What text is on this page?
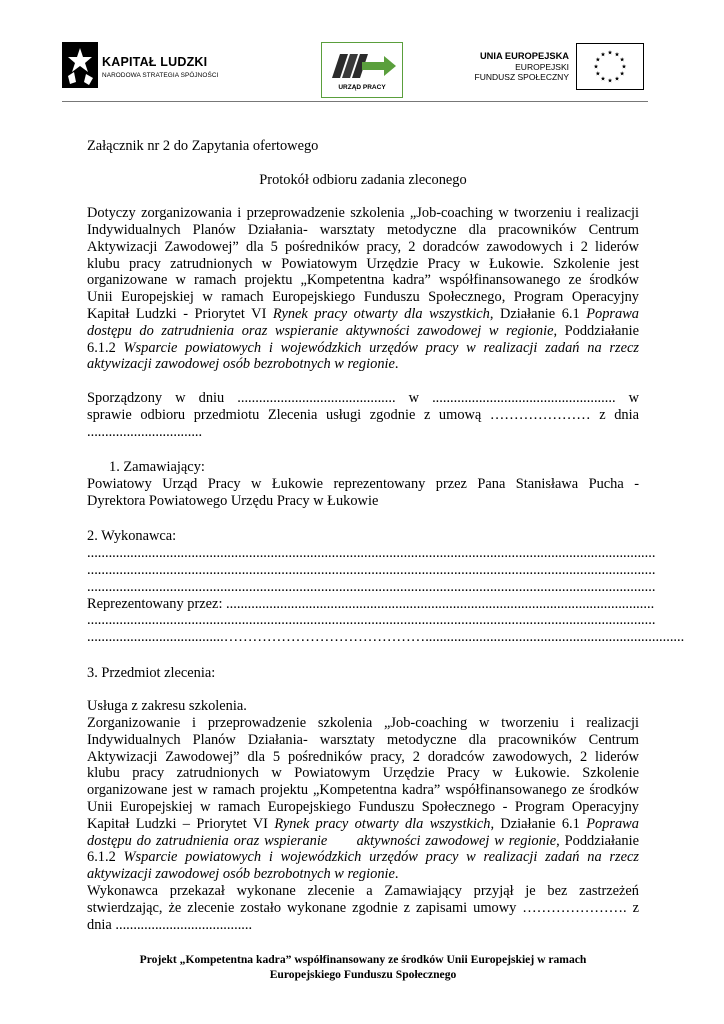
KAPITAŁ LUDZKI
NARODOWA STRATEGIA SPÓJNOŚCI
URZĄD PRACY
UNIA EUROPEJSKA
EUROPEJSKI
FUNDUSZ SPOŁECZNY

Załącznik nr 2 do Zapytania ofertowego

Protokół odbioru zadania zleconego

Dotyczy zorganizowania i przeprowadzenie szkolenia „Job-coaching w tworzeniu i realizacji
Indywidualnych Planów Działania- warsztaty metodyczne dla pracowników Centrum
Aktywizacji Zawodowej” dla 5 pośredników pracy, 2 doradców zawodowych i 2 liderów
klubu pracy zatrudnionych w Powiatowym Urzędzie Pracy w Łukowie. Szkolenie jest
organizowane w ramach projektu „Kompetentna kadra” współfinansowanego ze środków
Unii Europejskiej w ramach Europejskiego Funduszu Społecznego, Program Operacyjny
Kapitał Ludzki - Priorytet VI Rynek pracy otwarty dla wszystkich, Działanie 6.1 Poprawa
dostępu do zatrudnienia oraz wspieranie aktywności zawodowej w regionie, Poddziałanie
6.1.2 Wsparcie powiatowych i wojewódzkich urzędów pracy w realizacji zadań na rzecz
aktywizacji zawodowej osób bezrobotnych w regionie.
Sporządzony w dniu ............................................ w ................................................... w
sprawie odbioru przedmiotu Zlecenia usługi zgodnie z umową ………………… z dnia
................................
1. Zamawiający:
Powiatowy Urząd Pracy w Łukowie reprezentowany przez Pana Stanisława Pucha -
Dyrektora Powiatowego Urzędu Pracy w Łukowie
2. Wykonawca:
..............................................................................................................................................................
..............................................................................................................................................................
..............................................................................................................................................................
Reprezentowany przez: .......................................................................................................................
..............................................................................................................................................................
......................................……………………………………........................................................................
3. Przedmiot zlecenia:
Usługa z zakresu szkolenia.
Zorganizowanie i przeprowadzenie szkolenia „Job-coaching w tworzeniu i realizacji
Indywidualnych Planów Działania- warsztaty metodyczne dla pracowników Centrum
Aktywizacji Zawodowej” dla 5 pośredników pracy, 2 doradców zawodowych, 2 liderów
klubu pracy zatrudnionych w Powiatowym Urzędzie Pracy w Łukowie. Szkolenie
organizowane jest w ramach projektu „Kompetentna kadra” współfinansowanego ze środków
Unii Europejskiej w ramach Europejskiego Funduszu Społecznego - Program Operacyjny
Kapitał Ludzki – Priorytet VI Rynek pracy otwarty dla wszystkich, Działanie 6.1 Poprawa
dostępu do zatrudnienia oraz wspieranie      aktywności zawodowej w regionie, Poddziałanie
6.1.2 Wsparcie powiatowych i wojewódzkich urzędów pracy w realizacji zadań na rzecz
aktywizacji zawodowej osób bezrobotnych w regionie.
Wykonawca przekazał wykonane zlecenie a Zamawiający przyjął je bez zastrzeżeń
stwierdzając, że zlecenie zostało wykonane zgodnie z zapisami umowy …………………. z
dnia ......................................
Projekt „Kompetentna kadra” współfinansowany ze środków Unii Europejskiej w ramach
Europejskiego Funduszu Społecznego
